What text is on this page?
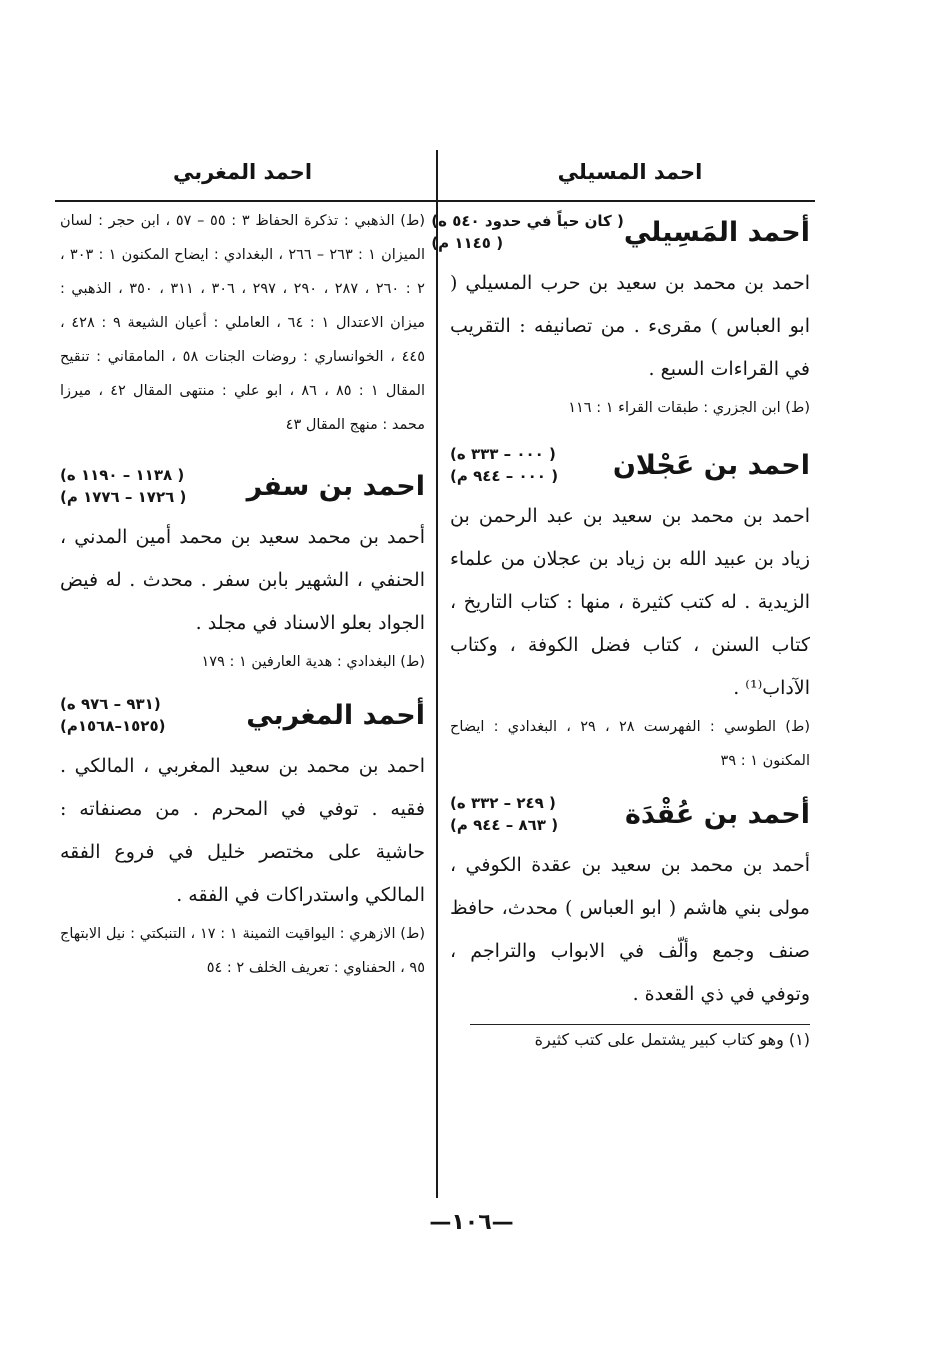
احمد المسيلي
أحمد المَسِيلي
( كان حياً في حدود ٥٤٠ ه)
( ١١٤٥ م)

احمد بن محمد بن سعيد بن حرب المسيلي ( ابو العباس ) مقرىء . من تصانيفه : التقريب في القراءات السبع .

(ط) ابن الجزري : طبقات القراء ١ : ١١٦

احمد بن عَجْلان
( ٠٠٠ – ٣٣٣ ه)
( ٠٠٠ – ٩٤٤ م)

احمد بن محمد بن سعيد بن عبد الرحمن بن زياد بن عبيد الله بن زياد بن عجلان من علماء الزيدية . له كتب كثيرة ، منها : كتاب التاريخ ، كتاب السنن ، كتاب فضل الكوفة ، وكتاب الآداب⁽¹⁾ .

(ط) الطوسي : الفهرست ٢٨ ، ٢٩ ، البغدادي : ايضاح المكنون ١ : ٣٩

أحمد بن عُقْدَة
( ٢٤٩ – ٣٣٢ ه)
( ٨٦٣ – ٩٤٤ م)

أحمد بن محمد بن سعيد بن عقدة الكوفي ، مولى بني هاشم ( ابو العباس ) محدث، حافظ صنف وجمع وألّف في الابواب والتراجم ، وتوفي في ذي القعدة .

(١) وهو كتاب كبير يشتمل على كتب كثيرة

احمد المغربي

(ط) الذهبي : تذكرة الحفاظ ٣ : ٥٥ – ٥٧ ، ابن حجر : لسان الميزان ١ : ٢٦٣ – ٢٦٦ ، البغدادي : ايضاح المكنون ١ : ٣٠٣ ، ٢ : ٢٦٠ ، ٢٨٧ ، ٢٩٠ ، ٢٩٧ ، ٣٠٦ ، ٣١١ ، ٣٥٠ ، الذهبي : ميزان الاعتدال ١ : ٦٤ ، العاملي : أعيان الشيعة ٩ : ٤٢٨ ، ٤٤٥ ، الخوانساري : روضات الجنات ٥٨ ، المامقاني : تنقيح المقال ١ : ٨٥ ، ٨٦ ، ابو علي : منتهى المقال ٤٢ ، ميرزا محمد : منهج المقال ٤٣

احمد بن سفر
( ١١٣٨ – ١١٩٠ ه)
( ١٧٢٦ – ١٧٧٦ م)

أحمد بن محمد سعيد بن محمد أمين المدني ، الحنفي ، الشهير بابن سفر . محدث . له فيض الجواد بعلو الاسناد في مجلد .

(ط) البغدادي : هدية العارفين ١ : ١٧٩

أحمد المغربي
(٩٣١ – ٩٧٦ ه)
(١٥٢٥–١٥٦٨م)

احمد بن محمد بن سعيد المغربي ، المالكي . فقيه . توفي في المحرم . من مصنفاته : حاشية على مختصر خليل في فروع الفقه المالكي واستدراكات في الفقه .

(ط) الازهري : اليواقيت الثمينة ١ : ١٧ ، التنبكتي : نيل الابتهاج ٩٥ ، الحفناوي : تعريف الخلف ٢ : ٥٤

—١٠٦—
